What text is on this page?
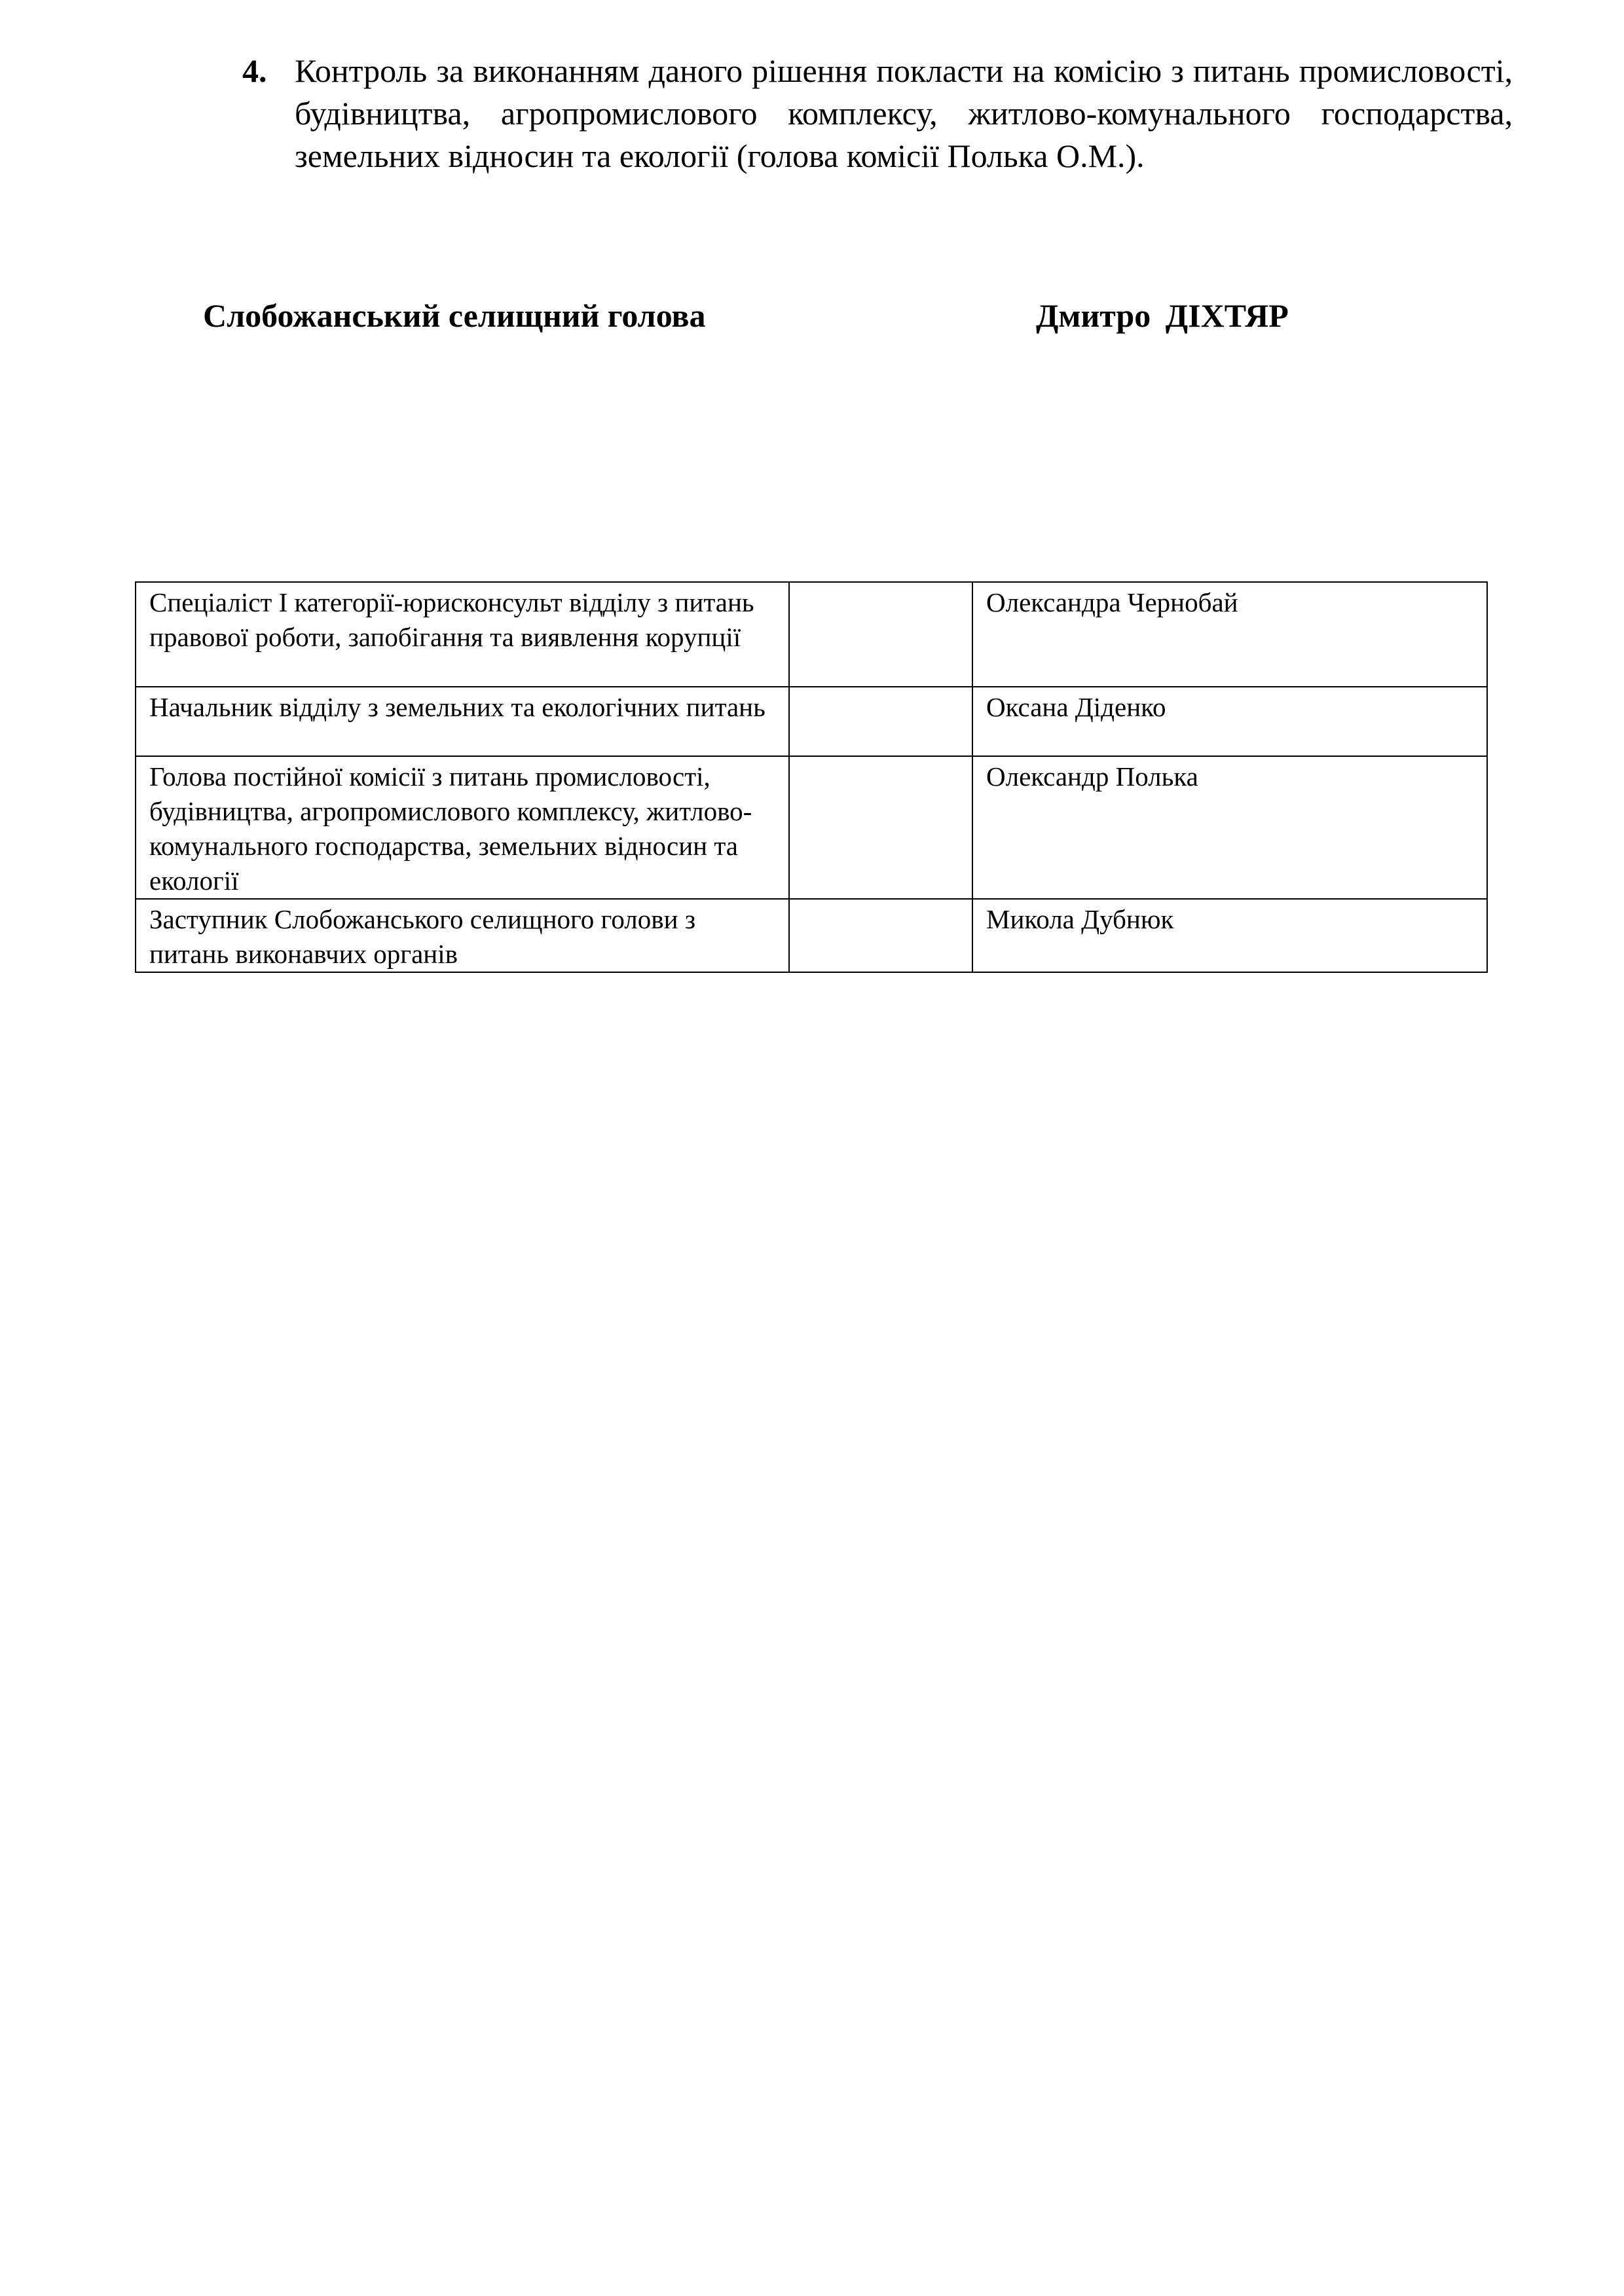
4. Контроль за виконанням даного рішення покласти на комісію з питань промисловості, будівництва, агропромислового комплексу, житлово-комунального господарства, земельних відносин та екології (голова комісії Полька О.М.).
Слобожанський селищний голова	Дмитро ДІХТЯР
Спеціаліст І категорії-юрисконсульт відділу з питань правової роботи, запобігання та виявлення корупції		Олександра Чернобай
Начальник відділу з земельних та екологічних питань		Оксана Діденко
Голова постійної комісії з питань промисловості, будівництва, агропромислового комплексу, житлово-комунального господарства, земельних відносин та екології		Олександр Полька
Заступник Слобожанського селищного голови з питань виконавчих органів		Микола Дубнюк
